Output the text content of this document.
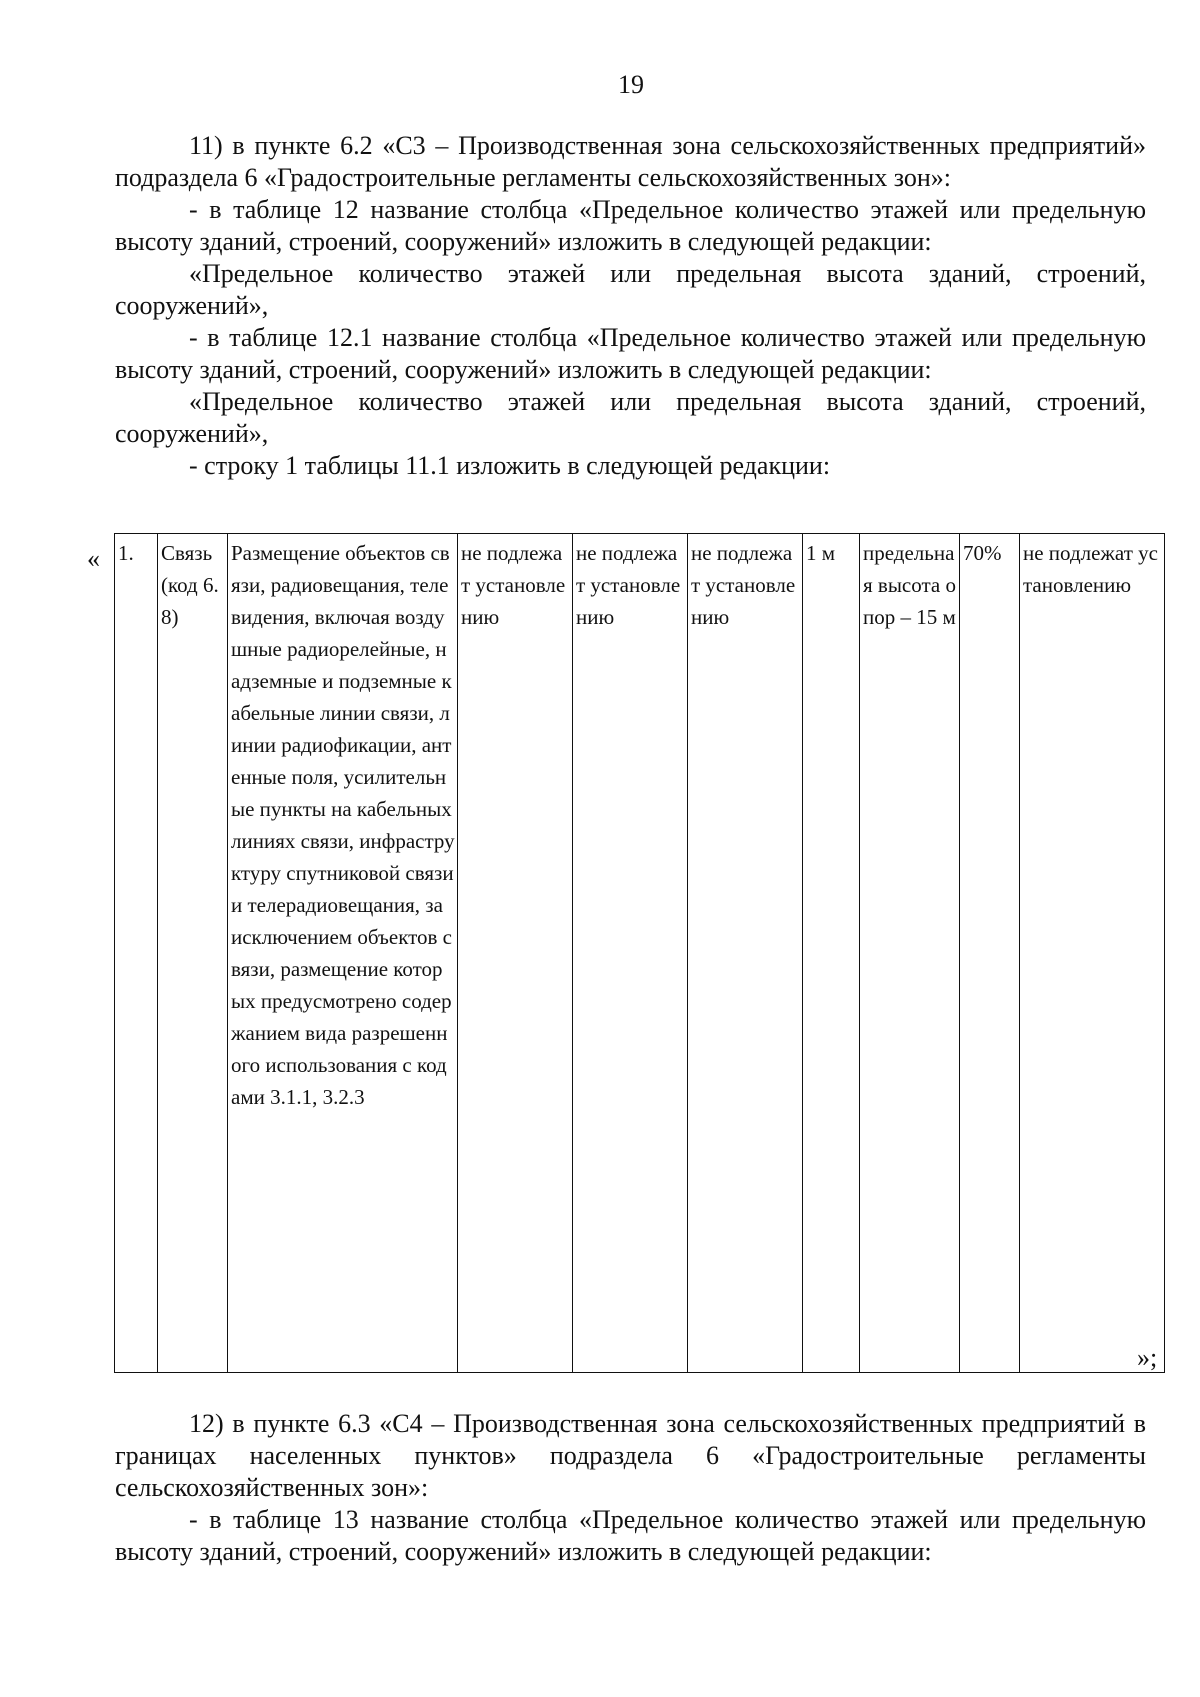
19
11) в пункте 6.2 «С3 – Производственная зона сельскохозяйственных предприятий» подраздела 6 «Градостроительные регламенты сельскохозяйственных зон»:
- в таблице 12 название столбца «Предельное количество этажей или предельную высоту зданий, строений, сооружений» изложить в следующей редакции:
«Предельное количество этажей или предельная высота зданий, строений, сооружений»,
- в таблице 12.1 название столбца «Предельное количество этажей или предельную высоту зданий, строений, сооружений» изложить в следующей редакции:
«Предельное количество этажей или предельная высота зданий, строений, сооружений»,
- строку 1 таблицы 11.1 изложить в следующей редакции:
« 1.	Связь (код 6.8)	Размещение объектов связи, радиовещания, телевидения, включая воздушные радиорелейные, надземные и подземные кабельные линии связи, линии радиофикации, антенные поля, усилительные пункты на кабельных линиях связи, инфраструктуру спутниковой связи и телерадиовещания, за исключением объектов связи, размещение которых предусмотрено содержанием вида разрешенного использования с кодами 3.1.1, 3.2.3	не подлежат установлению	не подлежат установлению	не подлежат установлению	1 м	предельная высота опор – 15 м	70%	не подлежат установлению
»;
12) в пункте 6.3 «С4 – Производственная зона сельскохозяйственных предприятий в границах населенных пунктов» подраздела 6 «Градостроительные регламенты сельскохозяйственных зон»:
- в таблице 13 название столбца «Предельное количество этажей или предельную высоту зданий, строений, сооружений» изложить в следующей редакции:
